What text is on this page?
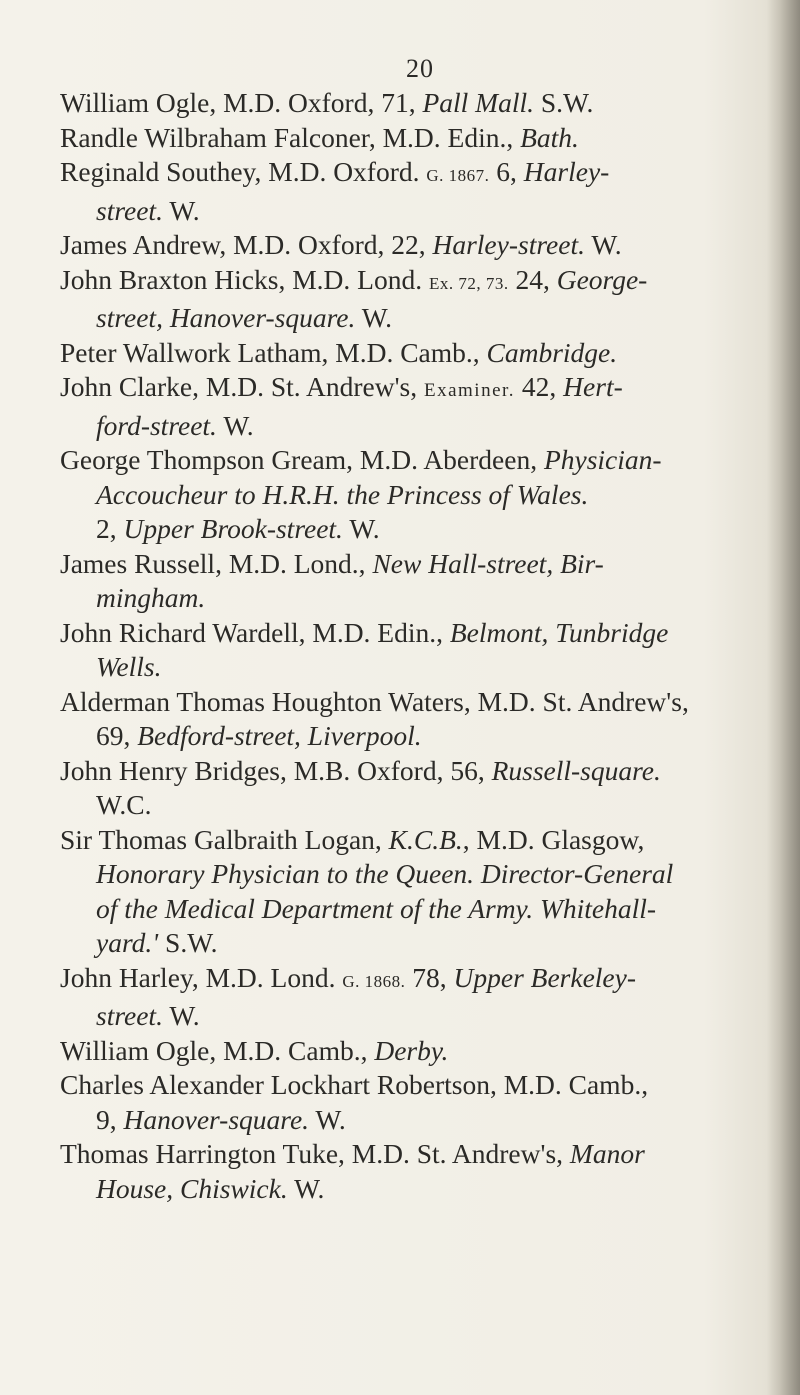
20

William Ogle, M.D. Oxford, 71, Pall Mall. S.W.

Randle Wilbraham Falconer, M.D. Edin., Bath.

Reginald Southey, M.D. Oxford. G. 1867. 6, Harley-
street. W.

James Andrew, M.D. Oxford, 22, Harley-street. W.

John Braxton Hicks, M.D. Lond. Ex. 72, 73. 24, George-
street, Hanover-square. W.

Peter Wallwork Latham, M.D. Camb., Cambridge.

John Clarke, M.D. St. Andrew's, Examiner. 42, Hert-
ford-street. W.

George Thompson Gream, M.D. Aberdeen, Physician-
Accoucheur to H.R.H. the Princess of Wales.
2, Upper Brook-street. W.

James Russell, M.D. Lond., New Hall-street, Bir-
mingham.

John Richard Wardell, M.D. Edin., Belmont, Tunbridge
Wells.

Alderman Thomas Houghton Waters, M.D. St. Andrew's,
69, Bedford-street, Liverpool.

John Henry Bridges, M.B. Oxford, 56, Russell-square.
W.C.

Sir Thomas Galbraith Logan, K.C.B., M.D. Glasgow,
Honorary Physician to the Queen. Director-General
of the Medical Department of the Army. Whitehall-
yard.' S.W.

John Harley, M.D. Lond. G. 1868. 78, Upper Berkeley-
street. W.

William Ogle, M.D. Camb., Derby.

Charles Alexander Lockhart Robertson, M.D. Camb.,
9, Hanover-square. W.

Thomas Harrington Tuke, M.D. St. Andrew's, Manor
House, Chiswick. W.
